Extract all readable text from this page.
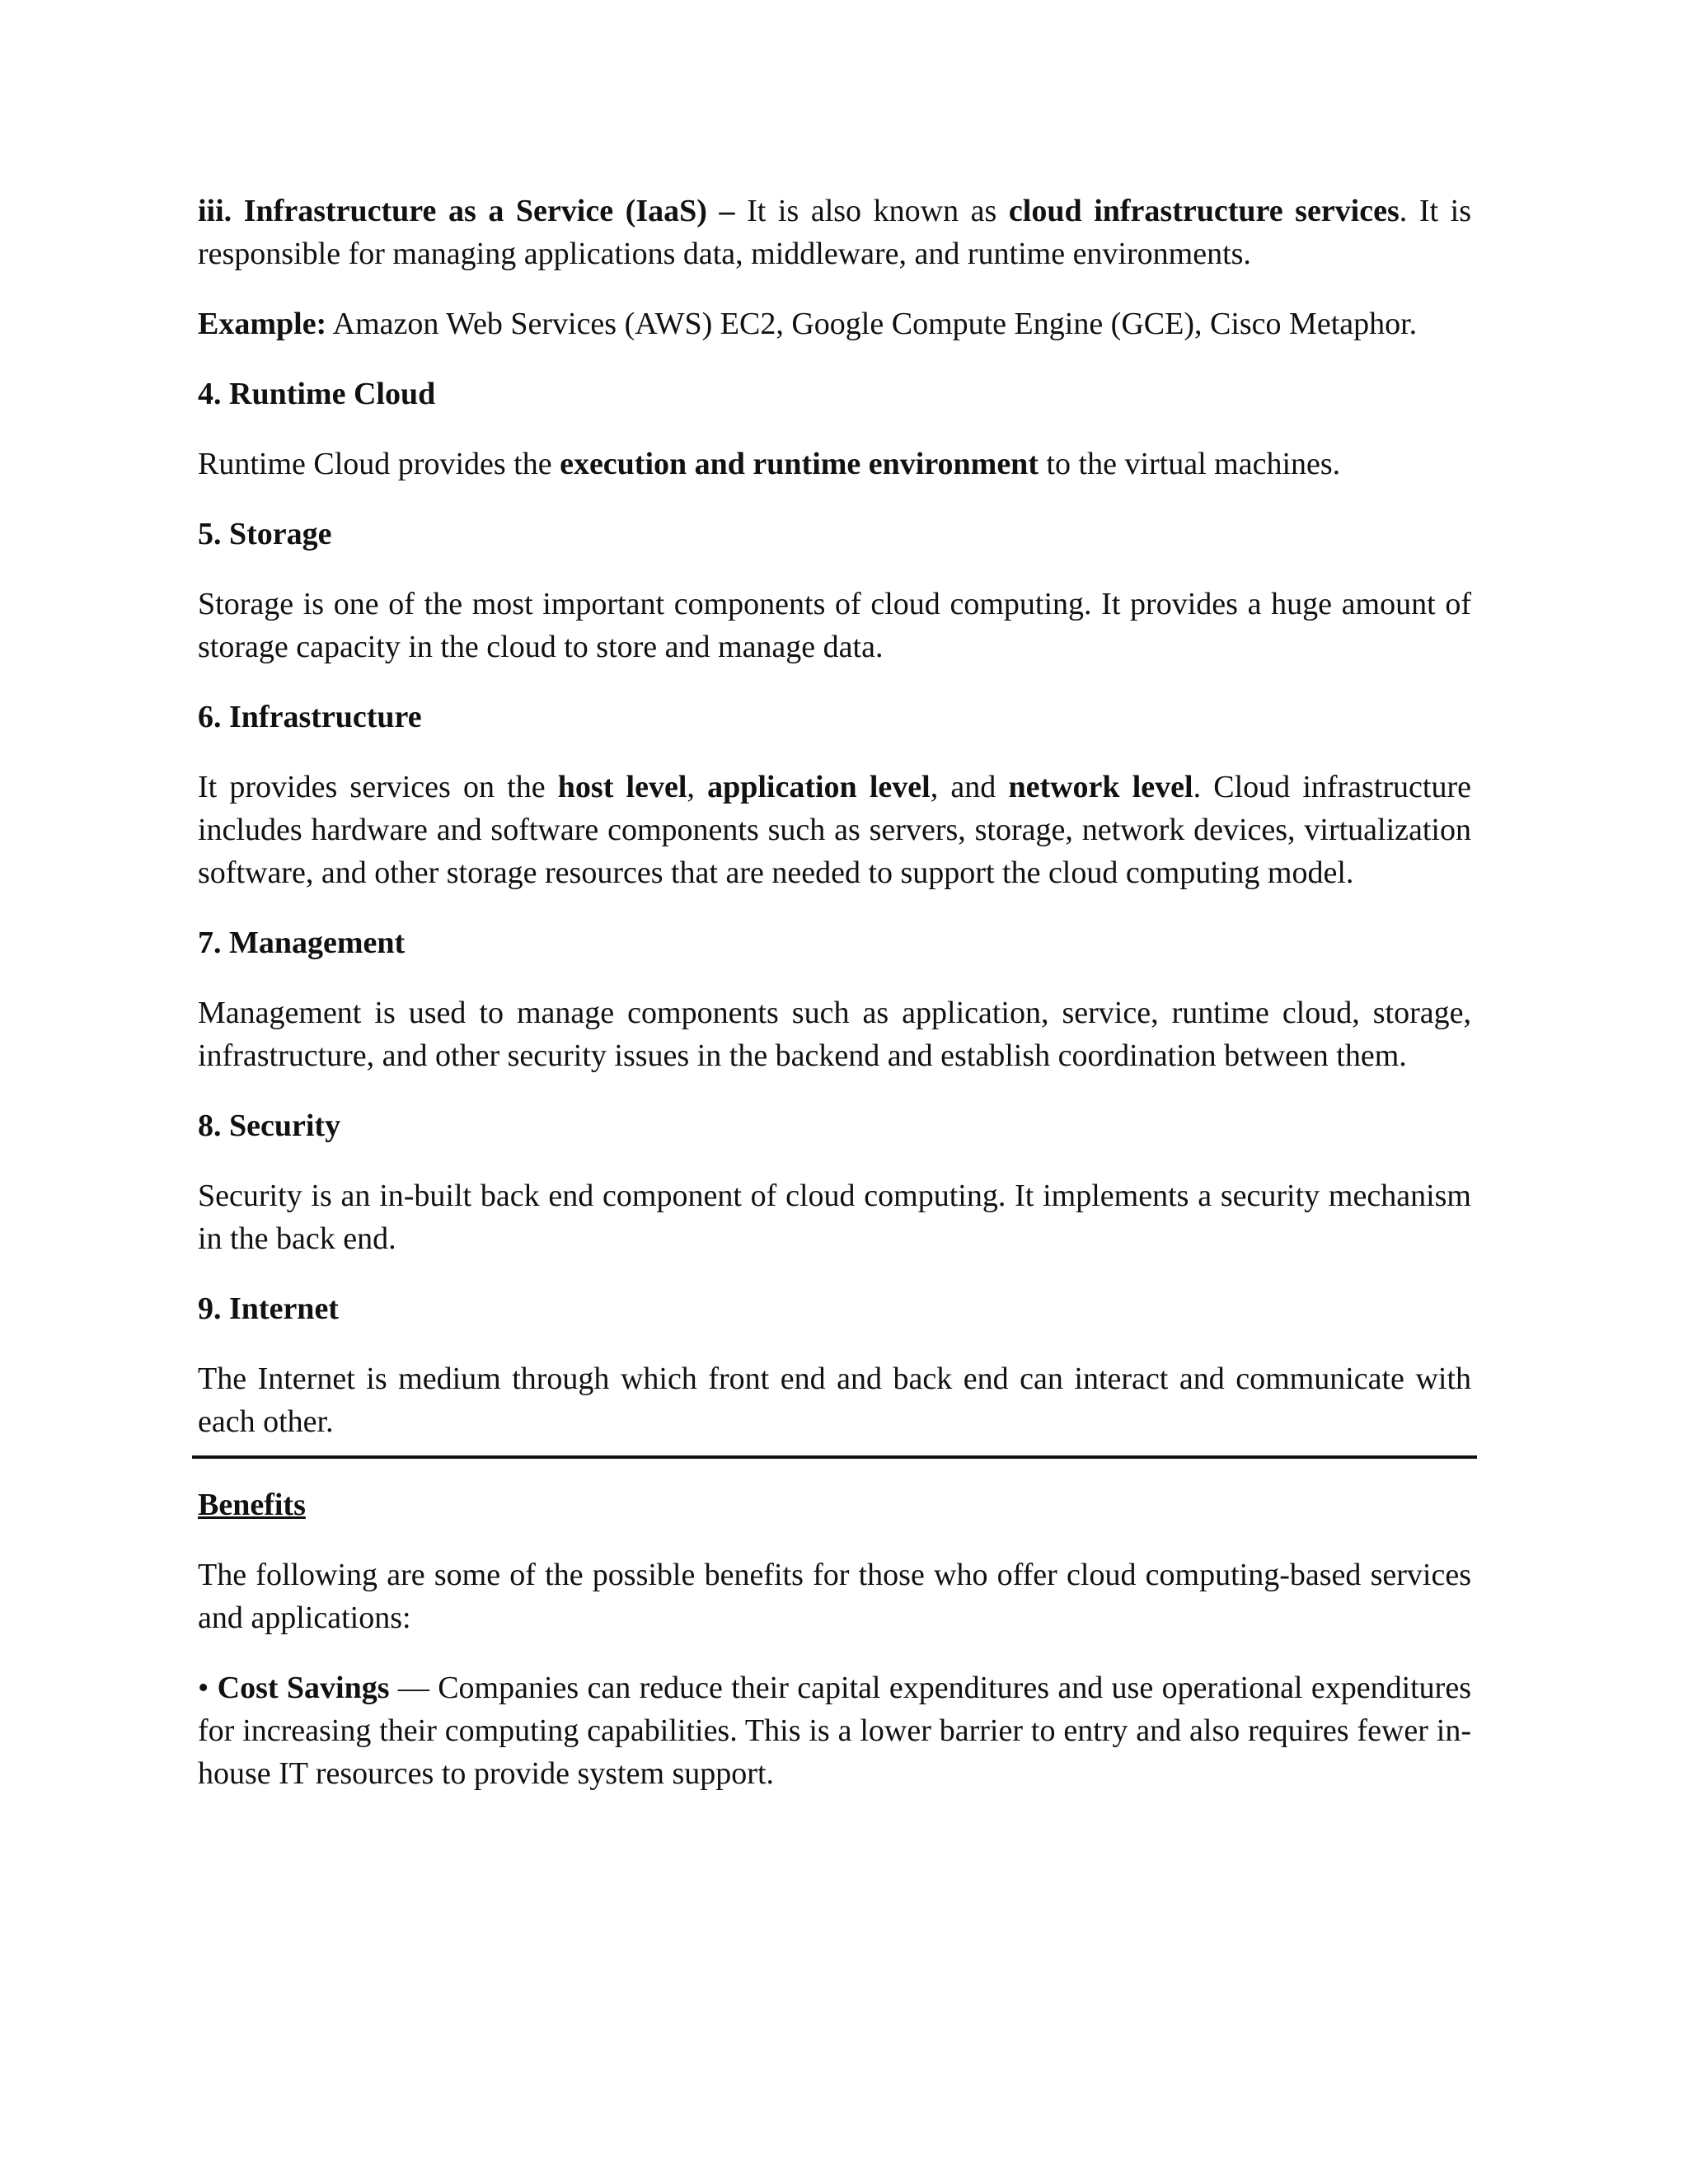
iii. Infrastructure as a Service (IaaS) – It is also known as cloud infrastructure services. It is responsible for managing applications data, middleware, and runtime environments.

Example: Amazon Web Services (AWS) EC2, Google Compute Engine (GCE), Cisco Metaphor.

4. Runtime Cloud

Runtime Cloud provides the execution and runtime environment to the virtual machines.

5. Storage

Storage is one of the most important components of cloud computing. It provides a huge amount of storage capacity in the cloud to store and manage data.

6. Infrastructure

It provides services on the host level, application level, and network level. Cloud infrastructure includes hardware and software components such as servers, storage, network devices, virtualization software, and other storage resources that are needed to support the cloud computing model.

7. Management

Management is used to manage components such as application, service, runtime cloud, storage, infrastructure, and other security issues in the backend and establish coordination between them.

8. Security

Security is an in-built back end component of cloud computing. It implements a security mechanism in the back end.

9. Internet

The Internet is medium through which front end and back end can interact and communicate with each other.

Benefits

The following are some of the possible benefits for those who offer cloud computing-based services and applications:

• Cost Savings — Companies can reduce their capital expenditures and use operational expenditures for increasing their computing capabilities. This is a lower barrier to entry and also requires fewer in-house IT resources to provide system support.
